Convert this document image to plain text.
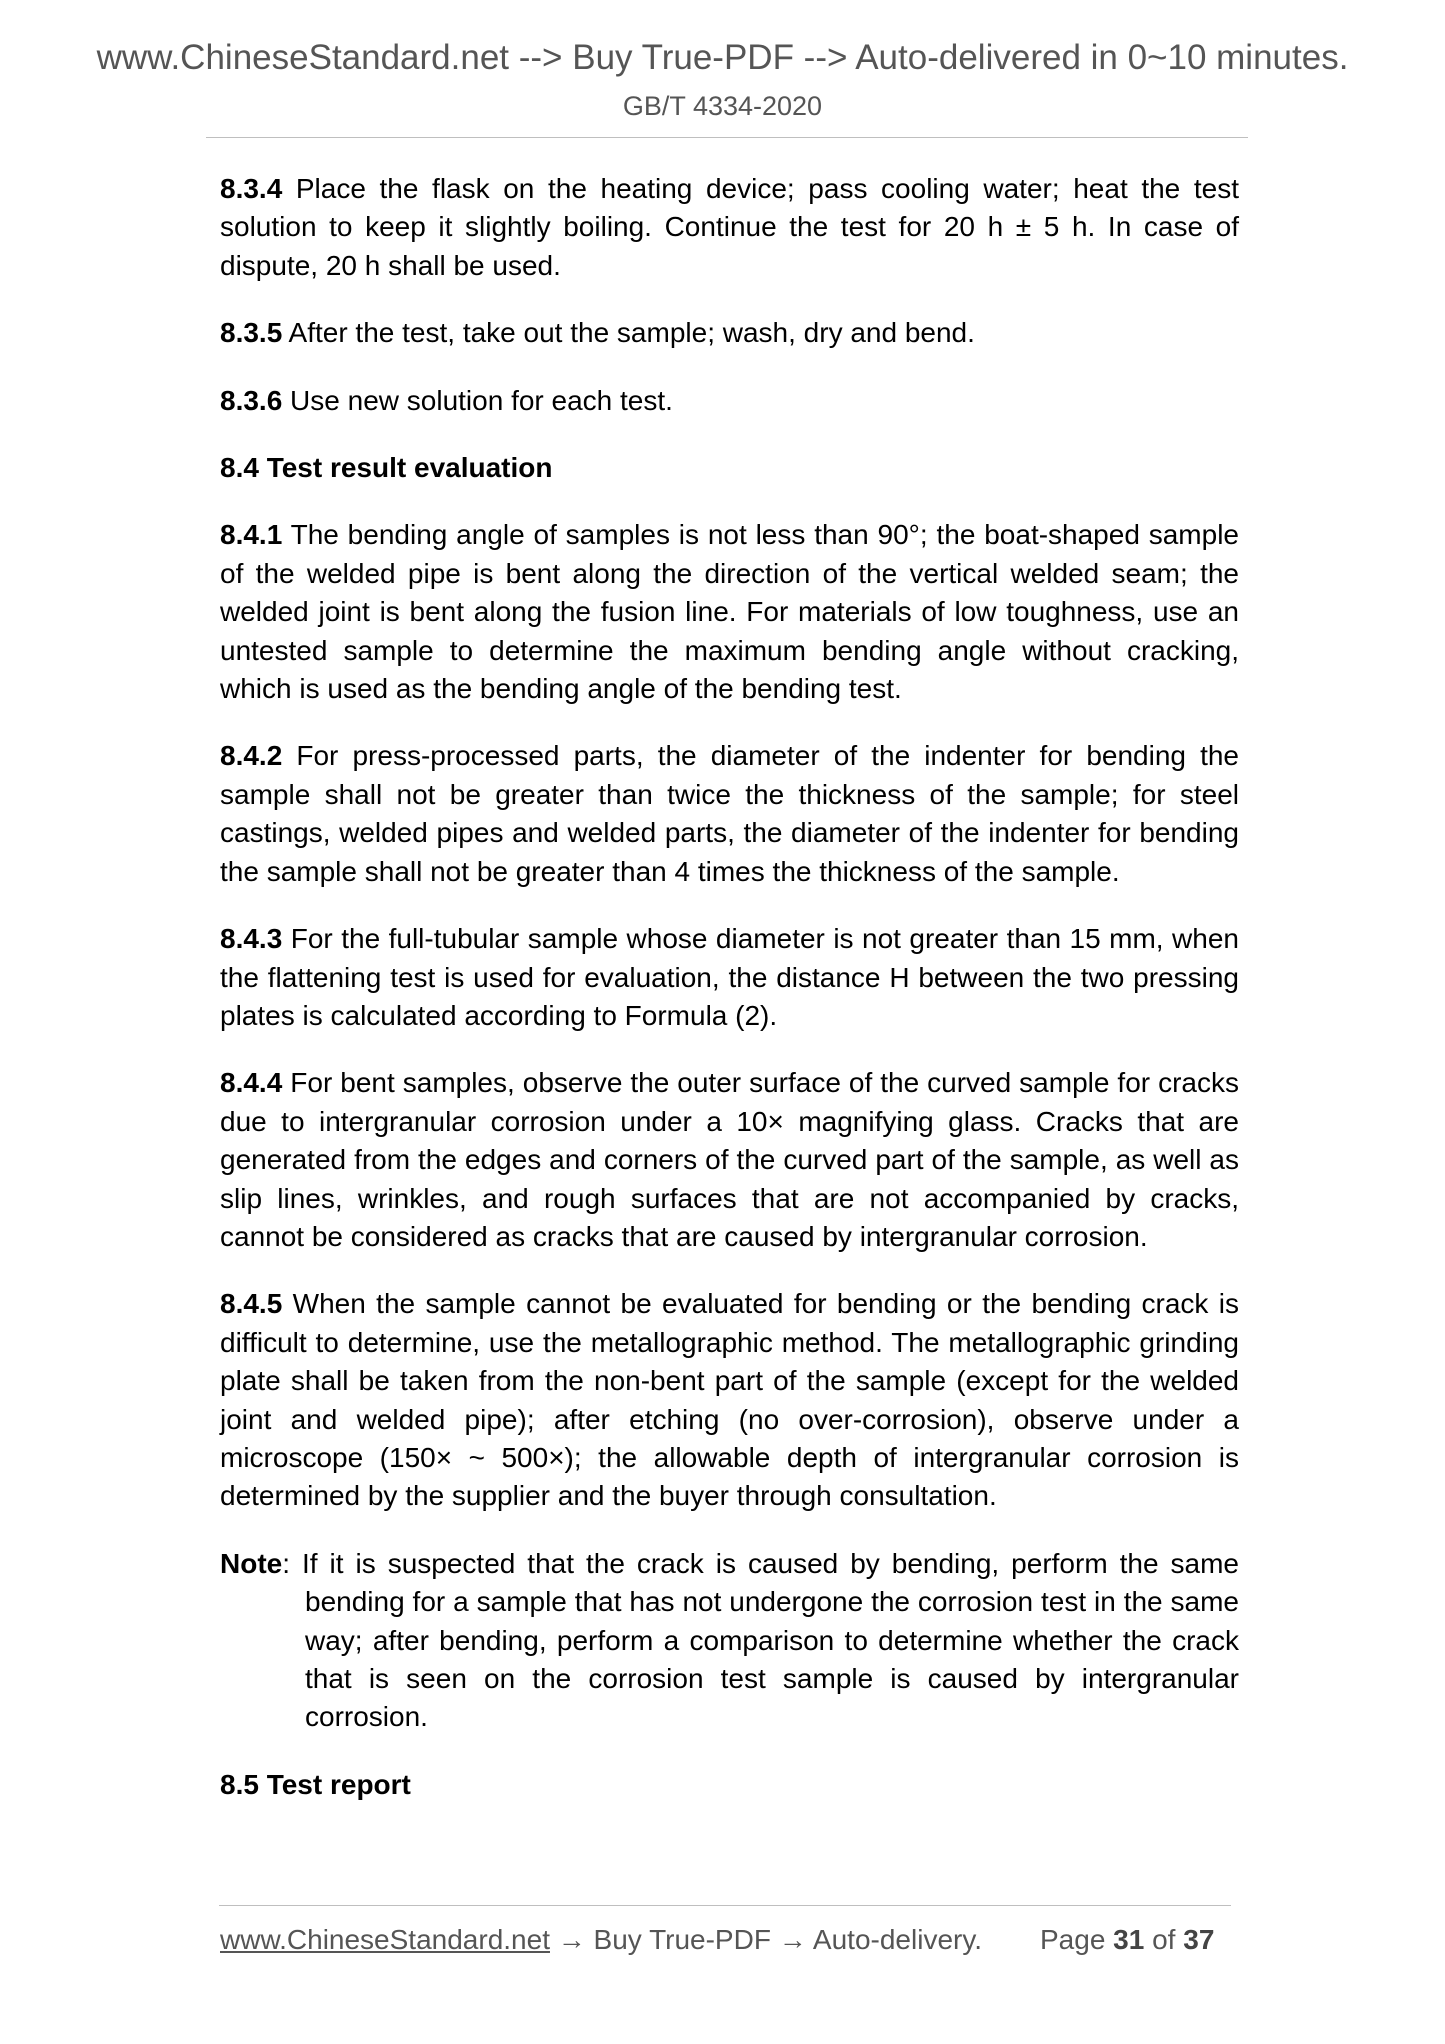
www.ChineseStandard.net --> Buy True-PDF --> Auto-delivered in 0~10 minutes.
GB/T 4334-2020

8.3.4 Place the flask on the heating device; pass cooling water; heat the test solution to keep it slightly boiling. Continue the test for 20 h ± 5 h. In case of dispute, 20 h shall be used.

8.3.5 After the test, take out the sample; wash, dry and bend.

8.3.6 Use new solution for each test.

8.4 Test result evaluation

8.4.1 The bending angle of samples is not less than 90°; the boat-shaped sample of the welded pipe is bent along the direction of the vertical welded seam; the welded joint is bent along the fusion line. For materials of low toughness, use an untested sample to determine the maximum bending angle without cracking, which is used as the bending angle of the bending test.

8.4.2 For press-processed parts, the diameter of the indenter for bending the sample shall not be greater than twice the thickness of the sample; for steel castings, welded pipes and welded parts, the diameter of the indenter for bending the sample shall not be greater than 4 times the thickness of the sample.

8.4.3 For the full-tubular sample whose diameter is not greater than 15 mm, when the flattening test is used for evaluation, the distance H between the two pressing plates is calculated according to Formula (2).

8.4.4 For bent samples, observe the outer surface of the curved sample for cracks due to intergranular corrosion under a 10× magnifying glass. Cracks that are generated from the edges and corners of the curved part of the sample, as well as slip lines, wrinkles, and rough surfaces that are not accompanied by cracks, cannot be considered as cracks that are caused by intergranular corrosion.

8.4.5 When the sample cannot be evaluated for bending or the bending crack is difficult to determine, use the metallographic method. The metallographic grinding plate shall be taken from the non-bent part of the sample (except for the welded joint and welded pipe); after etching (no over-corrosion), observe under a microscope (150× ~ 500×); the allowable depth of intergranular corrosion is determined by the supplier and the buyer through consultation.

Note: If it is suspected that the crack is caused by bending, perform the same bending for a sample that has not undergone the corrosion test in the same way; after bending, perform a comparison to determine whether the crack that is seen on the corrosion test sample is caused by intergranular corrosion.

8.5 Test report

www.ChineseStandard.net → Buy True-PDF → Auto-delivery. Page 31 of 37
